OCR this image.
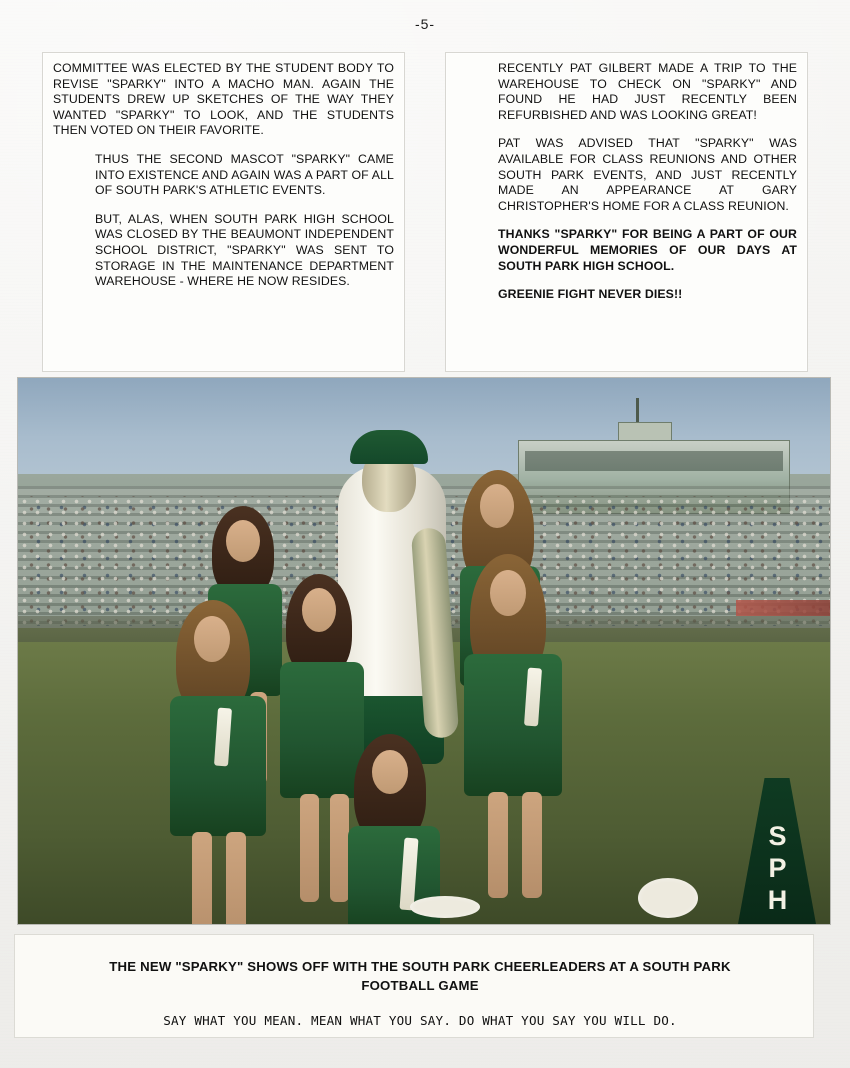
-5-

COMMITTEE WAS ELECTED BY THE STUDENT BODY TO REVISE "SPARKY" INTO A MACHO MAN. AGAIN THE STUDENTS DREW UP SKETCHES OF THE WAY THEY WANTED "SPARKY" TO LOOK, AND THE STUDENTS THEN VOTED ON THEIR FAVORITE.

THUS THE SECOND MASCOT "SPARKY" CAME INTO EXISTENCE AND AGAIN WAS A PART OF ALL OF SOUTH PARK'S ATHLETIC EVENTS.

BUT, ALAS, WHEN SOUTH PARK HIGH SCHOOL WAS CLOSED BY THE BEAUMONT INDEPENDENT SCHOOL DISTRICT, "SPARKY" WAS SENT TO STORAGE IN THE MAINTENANCE DEPARTMENT WAREHOUSE - WHERE HE NOW RESIDES.

RECENTLY PAT GILBERT MADE A TRIP TO THE WAREHOUSE TO CHECK ON "SPARKY" AND FOUND HE HAD JUST RECENTLY BEEN REFURBISHED AND WAS LOOKING GREAT!

PAT WAS ADVISED THAT "SPARKY" WAS AVAILABLE FOR CLASS REUNIONS AND OTHER SOUTH PARK EVENTS, AND JUST RECENTLY MADE AN APPEARANCE AT GARY CHRISTOPHER'S HOME FOR A CLASS REUNION.

THANKS "SPARKY" FOR BEING A PART OF OUR WONDERFUL MEMORIES OF OUR DAYS AT SOUTH PARK HIGH SCHOOL.

GREENIE FIGHT NEVER DIES!!

S
P
H
THE NEW "SPARKY" SHOWS OFF WITH THE SOUTH PARK CHEERLEADERS AT A SOUTH PARK FOOTBALL GAME
SAY WHAT YOU MEAN. MEAN WHAT YOU SAY. DO WHAT YOU SAY YOU WILL DO.
